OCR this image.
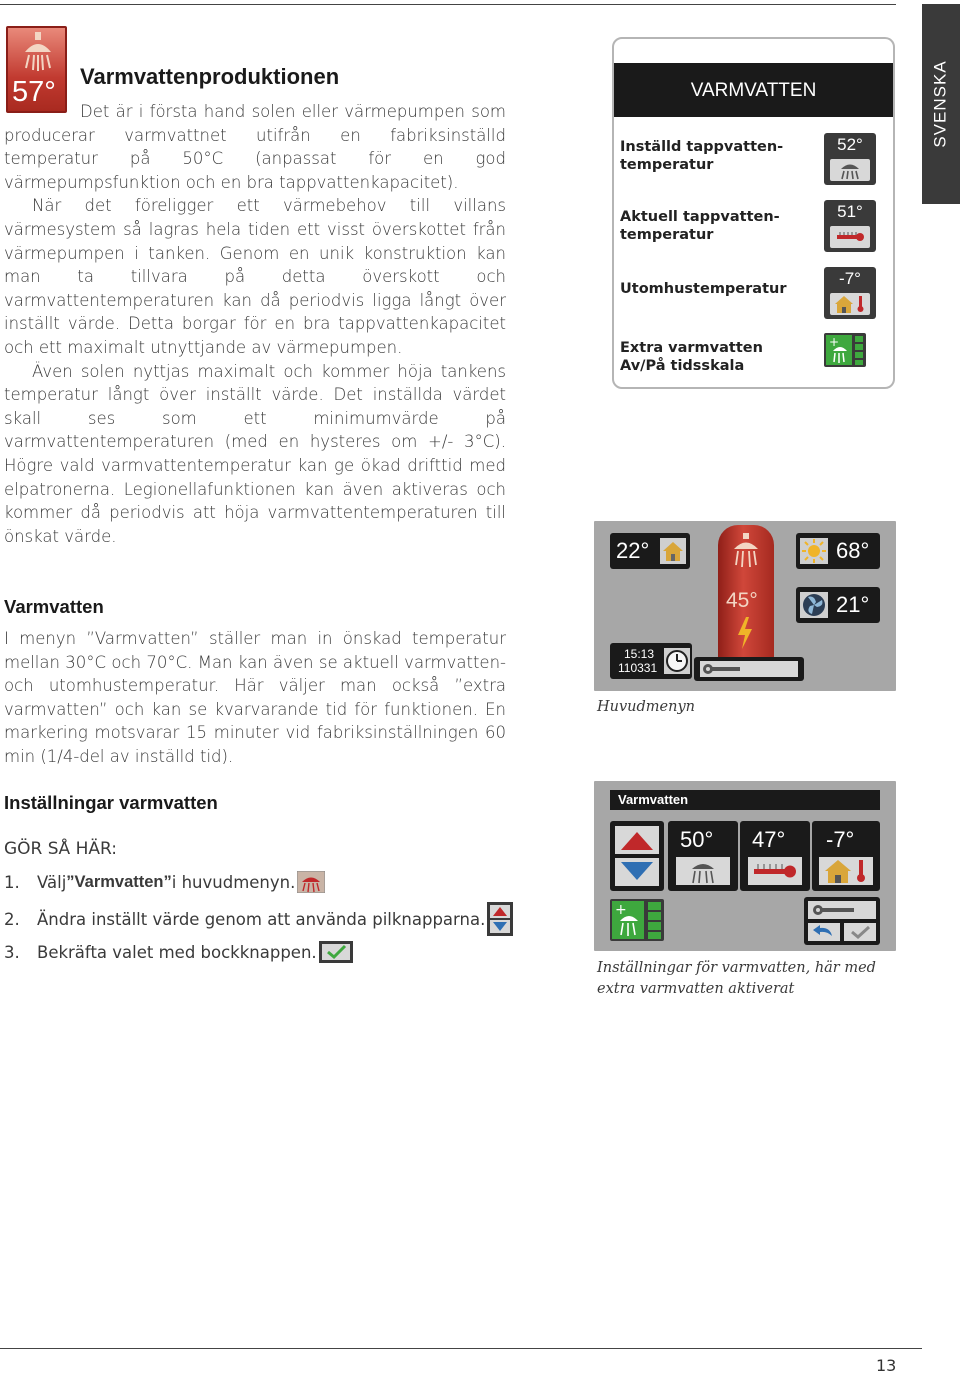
SVENSKA
57° Varmvattenproduktionen

Det är i första hand solen eller värmepumpen som producerar varmvattnet utifrån en fabriksinställd temperatur på 50°C (anpassat för en god värmepumpsfunktion och en bra tappvattenkapacitet).

När det föreligger ett värmebehov till villans värmesystem så lagras hela tiden ett visst överskottet från värmepumpen i tanken. Genom en unik konstruktion kan man ta tillvara på detta överskott och varmvattentemperaturen kan då periodvis ligga långt över inställt värde. Detta borgar för en bra tappvattenkapacitet och ett maximalt utnyttjande av värmepumpen.

Även solen nyttjas maximalt och kommer höja tankens temperatur långt över inställt värde. Det inställda värdet skall ses som ett minimumvärde på varmvattentemperaturen (med en hysteres om +/- 3°C). Högre vald varmvattentemperatur kan ge ökad drifttid med elpatronerna. Legionellafunktionen kan även aktiveras och kommer då periodvis att höja varmvattentemperaturen till önskat värde.

VARMVATTEN
Inställd tappvatten-
temperatur
52°
Aktuell tappvatten-
temperatur
51°
Utomhustemperatur
-7°
Extra varmvatten
Av/På tidsskala
+
Varmvatten
I menyn ”Varmvatten” ställer man in önskad temperatur mellan 30°C och 70°C. Man kan även se aktuell varmvatten- och utomhustemperatur. Här väljer man också ”extra varmvatten” och kan se kvarvarande tid för funktionen. En markering motsvarar 15 minuter vid fabriksinställningen 60 min (1/4-del av inställd tid).
22°	68°
45°	21°
15:13
110331
Huvudmenyn
Inställningar varmvatten
GÖR SÅ HÄR:
1.	Välj ”Varmvatten” i huvudmenyn.
2.	Ändra inställt värde genom att använda pilknapparna.
3.	Bekräfta valet med bockknappen.
Varmvatten
50° 47° -7°
+
Inställningar för varmvatten, här med extra varmvatten aktiverat
13
